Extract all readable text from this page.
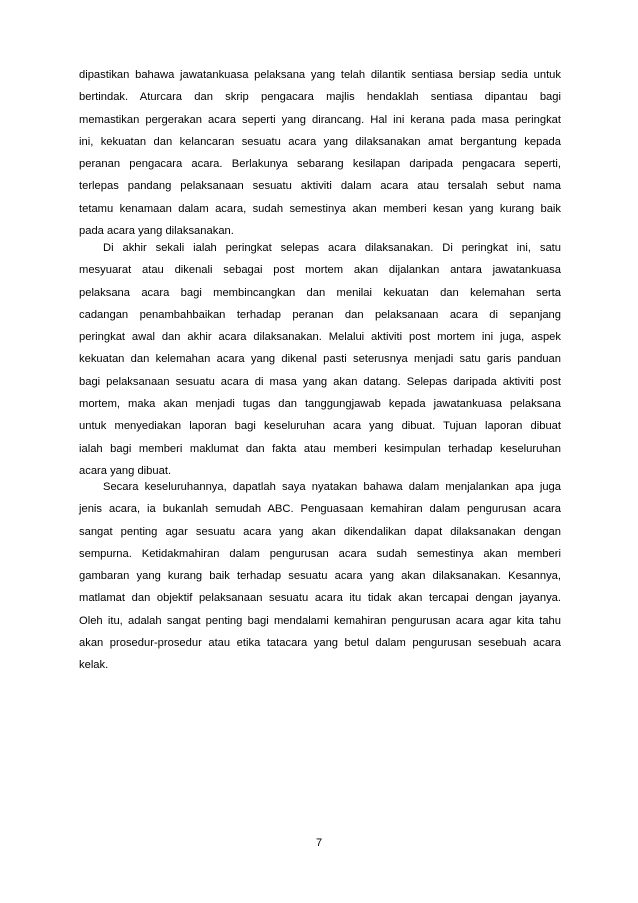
dipastikan bahawa jawatankuasa pelaksana yang telah dilantik sentiasa bersiap sedia untuk
bertindak. Aturcara dan skrip pengacara majlis hendaklah sentiasa dipantau bagi
memastikan pergerakan acara seperti yang dirancang. Hal ini kerana pada masa peringkat
ini, kekuatan dan kelancaran sesuatu acara yang dilaksanakan amat bergantung kepada
peranan pengacara acara. Berlakunya sebarang kesilapan daripada pengacara seperti,
terlepas pandang pelaksanaan sesuatu aktiviti dalam acara atau tersalah sebut nama
tetamu kenamaan dalam acara, sudah semestinya akan memberi kesan yang kurang baik
pada acara yang dilaksanakan.
Di akhir sekali ialah peringkat selepas acara dilaksanakan. Di peringkat ini, satu
mesyuarat atau dikenali sebagai post mortem akan dijalankan antara jawatankuasa
pelaksana acara bagi membincangkan dan menilai kekuatan dan kelemahan serta
cadangan penambahbaikan terhadap peranan dan pelaksanaan acara di sepanjang
peringkat awal dan akhir acara dilaksanakan. Melalui aktiviti post mortem ini juga, aspek
kekuatan dan kelemahan acara yang dikenal pasti seterusnya menjadi satu garis panduan
bagi pelaksanaan sesuatu acara di masa yang akan datang. Selepas daripada aktiviti post
mortem, maka akan menjadi tugas dan tanggungjawab kepada jawatankuasa pelaksana
untuk menyediakan laporan bagi keseluruhan acara yang dibuat. Tujuan laporan dibuat
ialah bagi memberi maklumat dan fakta atau memberi kesimpulan terhadap keseluruhan
acara yang dibuat.
Secara keseluruhannya, dapatlah saya nyatakan bahawa dalam menjalankan apa juga
jenis acara, ia bukanlah semudah ABC. Penguasaan kemahiran dalam pengurusan acara
sangat penting agar sesuatu acara yang akan dikendalikan dapat dilaksanakan dengan
sempurna. Ketidakmahiran dalam pengurusan acara sudah semestinya akan memberi
gambaran yang kurang baik terhadap sesuatu acara yang akan dilaksanakan. Kesannya,
matlamat dan objektif pelaksanaan sesuatu acara itu tidak akan tercapai dengan jayanya.
Oleh itu, adalah sangat penting bagi mendalami kemahiran pengurusan acara agar kita tahu
akan prosedur-prosedur atau etika tatacara yang betul dalam pengurusan sesebuah acara
kelak.
7
